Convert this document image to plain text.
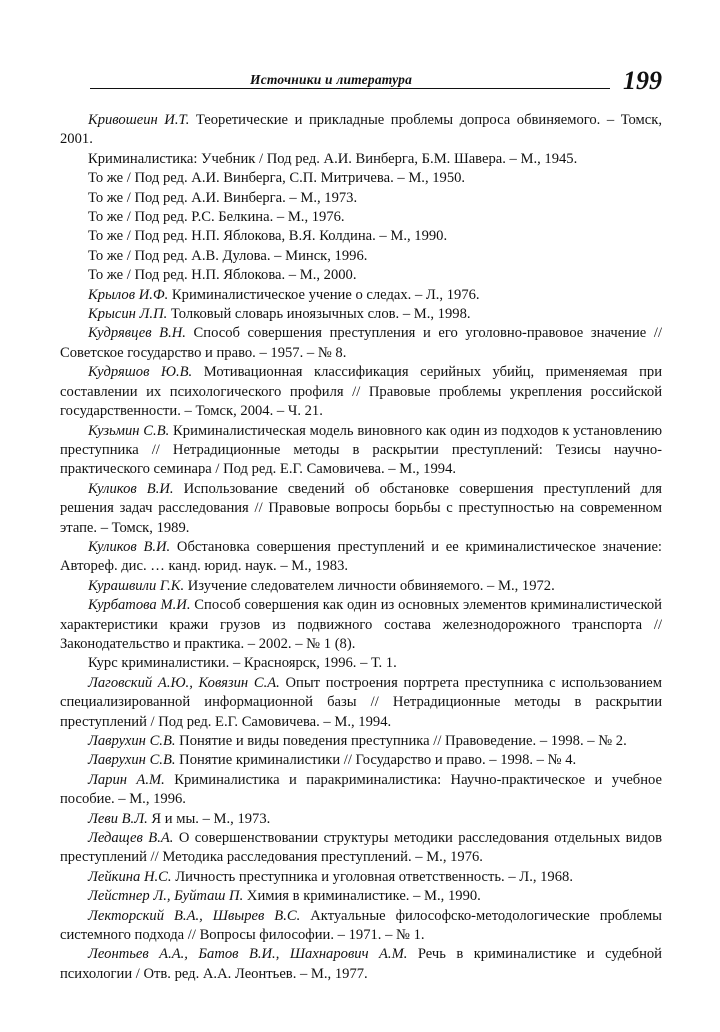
Источники и литература	199

Кривошеин И.Т. Теоретические и прикладные проблемы допроса обвиняемого. – Томск, 2001.

Криминалистика: Учебник / Под ред. А.И. Винберга, Б.М. Шавера. – М., 1945.

То же / Под ред. А.И. Винберга, С.П. Митричева. – М., 1950.

То же / Под ред. А.И. Винберга. – М., 1973.

То же / Под ред. Р.С. Белкина. – М., 1976.

То же / Под ред. Н.П. Яблокова, В.Я. Колдина. – М., 1990.

То же / Под ред. А.В. Дулова. – Минск, 1996.

То же / Под ред. Н.П. Яблокова. – М., 2000.

Крылов И.Ф. Криминалистическое учение о следах. – Л., 1976.

Крысин Л.П. Толковый словарь иноязычных слов. – М., 1998.

Кудрявцев В.Н. Способ совершения преступления и его уголовно-правовое значение // Советское государство и право. – 1957. – № 8.

Кудряшов Ю.В. Мотивационная классификация серийных убийц, применяемая при составлении их психологического профиля // Правовые проблемы укрепления российской государственности. – Томск, 2004. – Ч. 21.

Кузьмин С.В. Криминалистическая модель виновного как один из подходов к установлению преступника // Нетрадиционные методы в раскрытии преступлений: Тезисы научно-практического семинара / Под ред. Е.Г. Самовичева. – М., 1994.

Куликов В.И. Использование сведений об обстановке совершения преступлений для решения задач расследования // Правовые вопросы борьбы с преступностью на современном этапе. – Томск, 1989.

Куликов В.И. Обстановка совершения преступлений и ее криминалистическое значение: Автореф. дис. … канд. юрид. наук. – М., 1983.

Курашвили Г.К. Изучение следователем личности обвиняемого. – М., 1972.

Курбатова М.И. Способ совершения как один из основных элементов криминалистической характеристики кражи грузов из подвижного состава железнодорожного транспорта // Законодательство и практика. – 2002. – № 1 (8).

Курс криминалистики. – Красноярск, 1996. – Т. 1.

Лаговский А.Ю., Ковязин С.А. Опыт построения портрета преступника с использованием специализированной информационной базы // Нетрадиционные методы в раскрытии преступлений / Под ред. Е.Г. Самовичева. – М., 1994.

Лаврухин С.В. Понятие и виды поведения преступника // Правоведение. – 1998. – № 2.

Лаврухин С.В. Понятие криминалистики // Государство и право. – 1998. – № 4.

Ларин А.М. Криминалистика и паракриминалистика: Научно-практическое и учебное пособие. – М., 1996.

Леви В.Л. Я и мы. – М., 1973.

Ледащев В.А. О совершенствовании структуры методики расследования отдельных видов преступлений // Методика расследования преступлений. – М., 1976.

Лейкина Н.С. Личность преступника и уголовная ответственность. – Л., 1968.

Лейстнер Л., Буйташ П. Химия в криминалистике. – М., 1990.

Лекторский В.А., Швырев В.С. Актуальные философско-методологические проблемы системного подхода // Вопросы философии. – 1971. – № 1.

Леонтьев А.А., Батов В.И., Шахнарович А.М. Речь в криминалистике и судебной психологии / Отв. ред. А.А. Леонтьев. – М., 1977.
